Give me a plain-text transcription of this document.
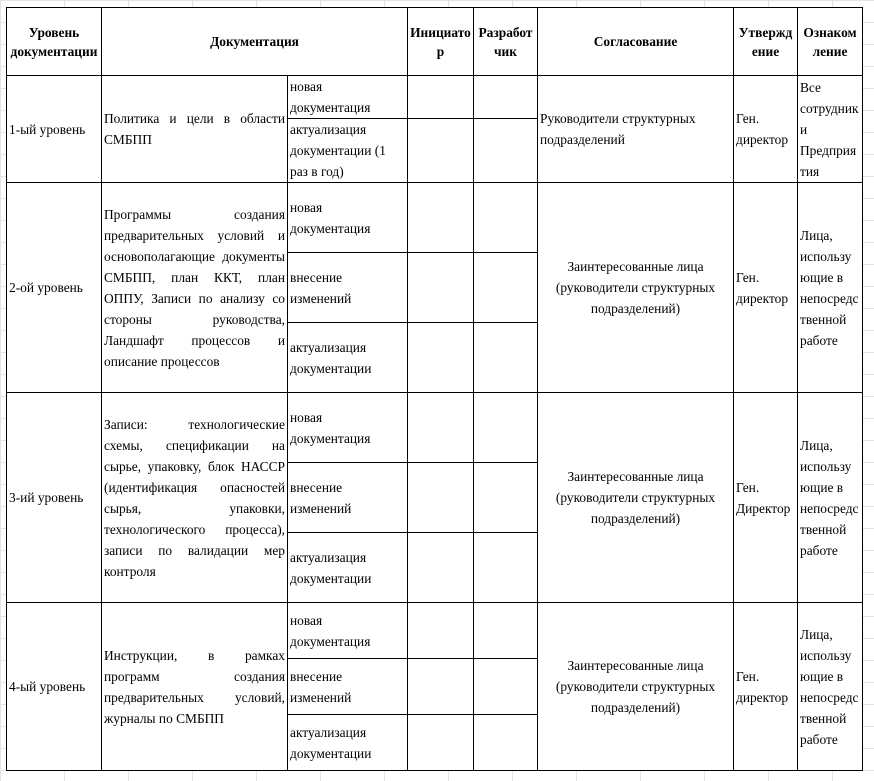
Уровень документации	Документация		Инициатор	Разработчик	Согласование	Утверждение	Ознакомление
1-ый уровень	Политика и цели в области СМБПП	новая документация			Руководители структурных подразделений	Ген. директор	Все сотрудники Предприятия
		актуализация документации (1 раз в год)					
2-ой уровень	Программы создания предварительных условий и основополагающие документы СМБПП, план ККТ, план ОППУ, Записи по анализу со стороны руководства, Ландшафт процессов и описание процессов	новая документация			Заинтересованные лица (руководители структурных подразделений)	Ген. директор	Лица, использующие в непосредственной работе
		внесение изменений					
		актуализация документации					
3-ий уровень	Записи: технологические схемы, спецификации на сырье, упаковку, блок НАССР (идентификация опасностей сырья, упаковки, технологического процесса), записи по валидации мер контроля	новая документация			Заинтересованные лица (руководители структурных подразделений)	Ген. Директор	Лица, использующие в непосредственной работе
		внесение изменений					
		актуализация документации					
4-ый уровень	Инструкции, в рамках программ создания предварительных условий, журналы по СМБПП	новая документация			Заинтересованные лица (руководители структурных подразделений)	Ген. директор	Лица, использующие в непосредственной работе
		внесение изменений					
		актуализация документации					
